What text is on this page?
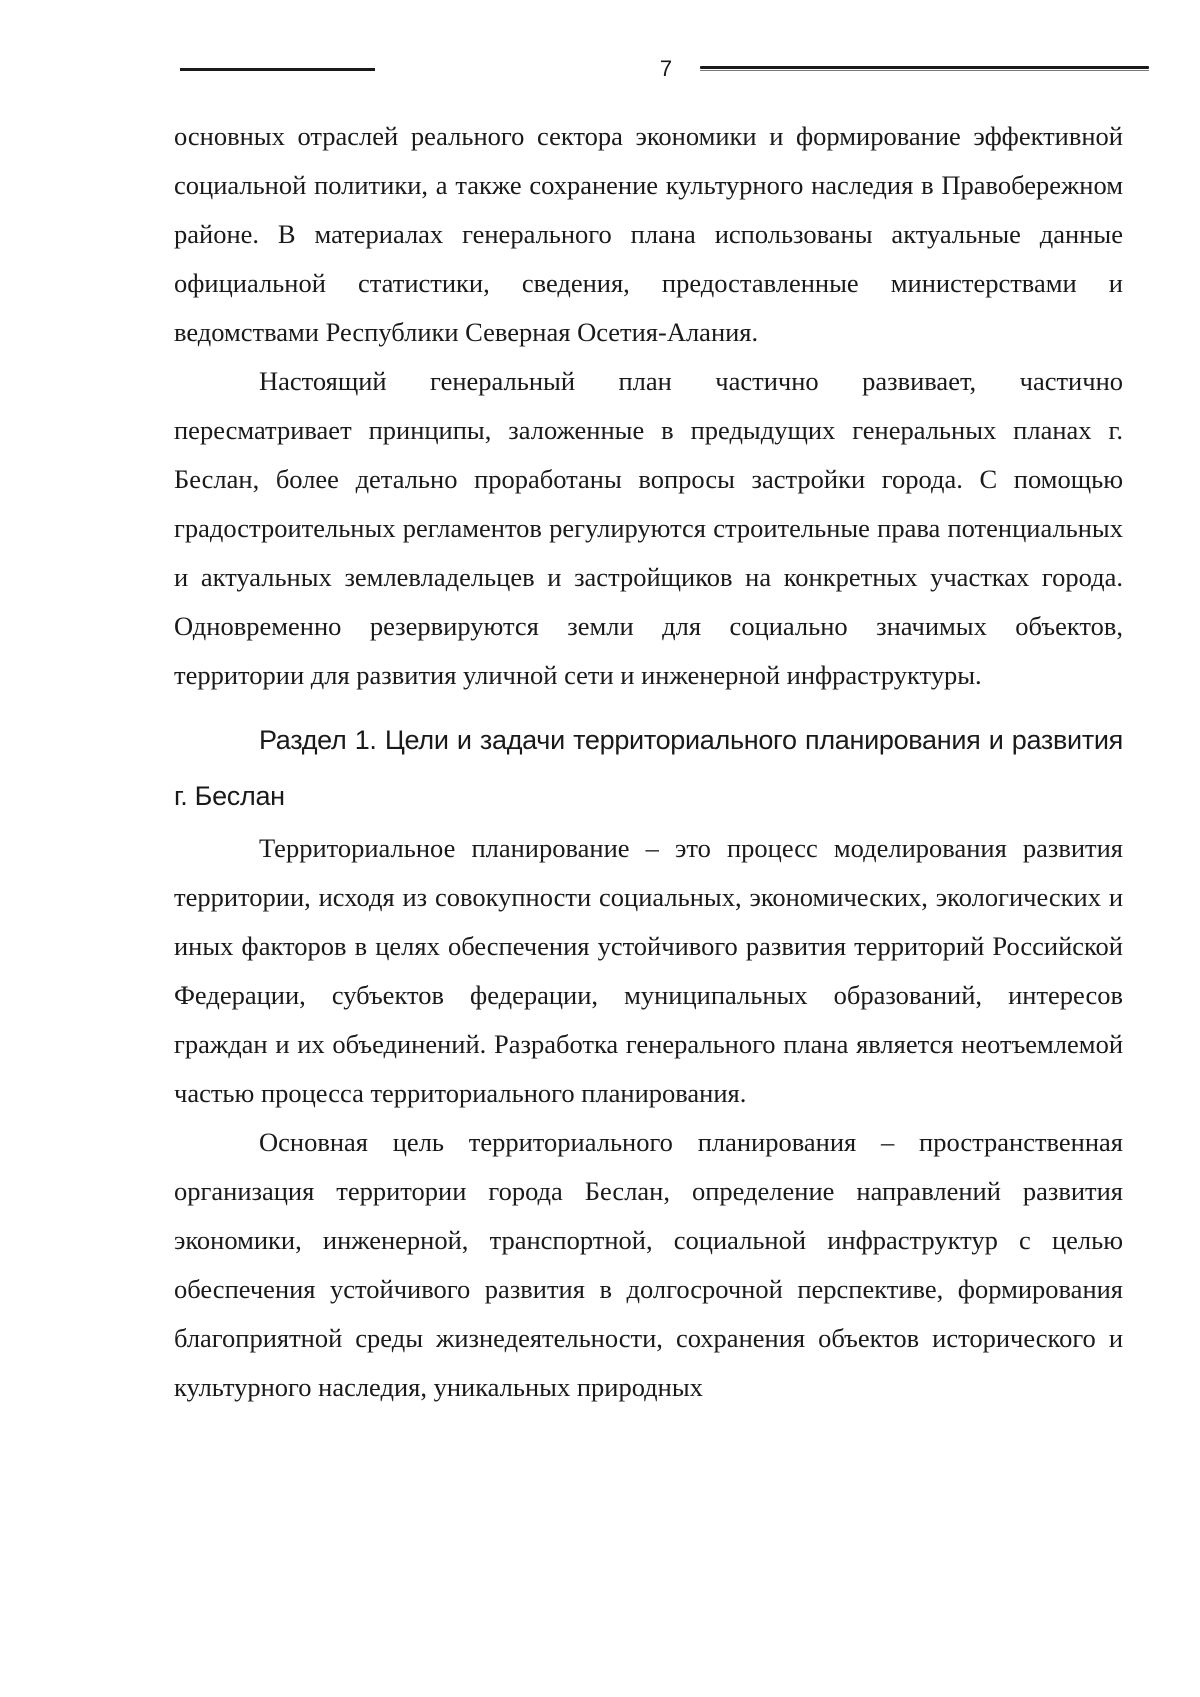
7

основных отраслей реального сектора экономики и формирование эффективной социальной политики, а также сохранение культурного наследия в Правобережном районе. В материалах генерального плана использованы актуальные данные официальной статистики, сведения, предоставленные министерствами и ведомствами Республики Северная Осетия-Алания.

Настоящий генеральный план частично развивает, частично пересматривает принципы, заложенные в предыдущих генеральных планах г. Беслан, более детально проработаны вопросы застройки города. С помощью градостроительных регламентов регулируются строительные права потенциальных и актуальных землевладельцев и застройщиков на конкретных участках города. Одновременно резервируются земли для социально значимых объектов, территории для развития уличной сети и инженерной инфраструктуры.

Раздел 1. Цели и задачи территориального планирования и развития г. Беслан

Территориальное планирование – это процесс моделирования развития территории, исходя из совокупности социальных, экономических, экологических и иных факторов в целях обеспечения устойчивого развития территорий Российской Федерации, субъектов федерации, муниципальных образований, интересов граждан и их объединений. Разработка генерального плана является неотъемлемой частью процесса территориального планирования.

Основная цель территориального планирования – пространственная организация территории города Беслан, определение направлений развития экономики, инженерной, транспортной, социальной инфраструктур с целью обеспечения устойчивого развития в долгосрочной перспективе, формирования благоприятной среды жизнедеятельности, сохранения объектов исторического и культурного наследия, уникальных природных
